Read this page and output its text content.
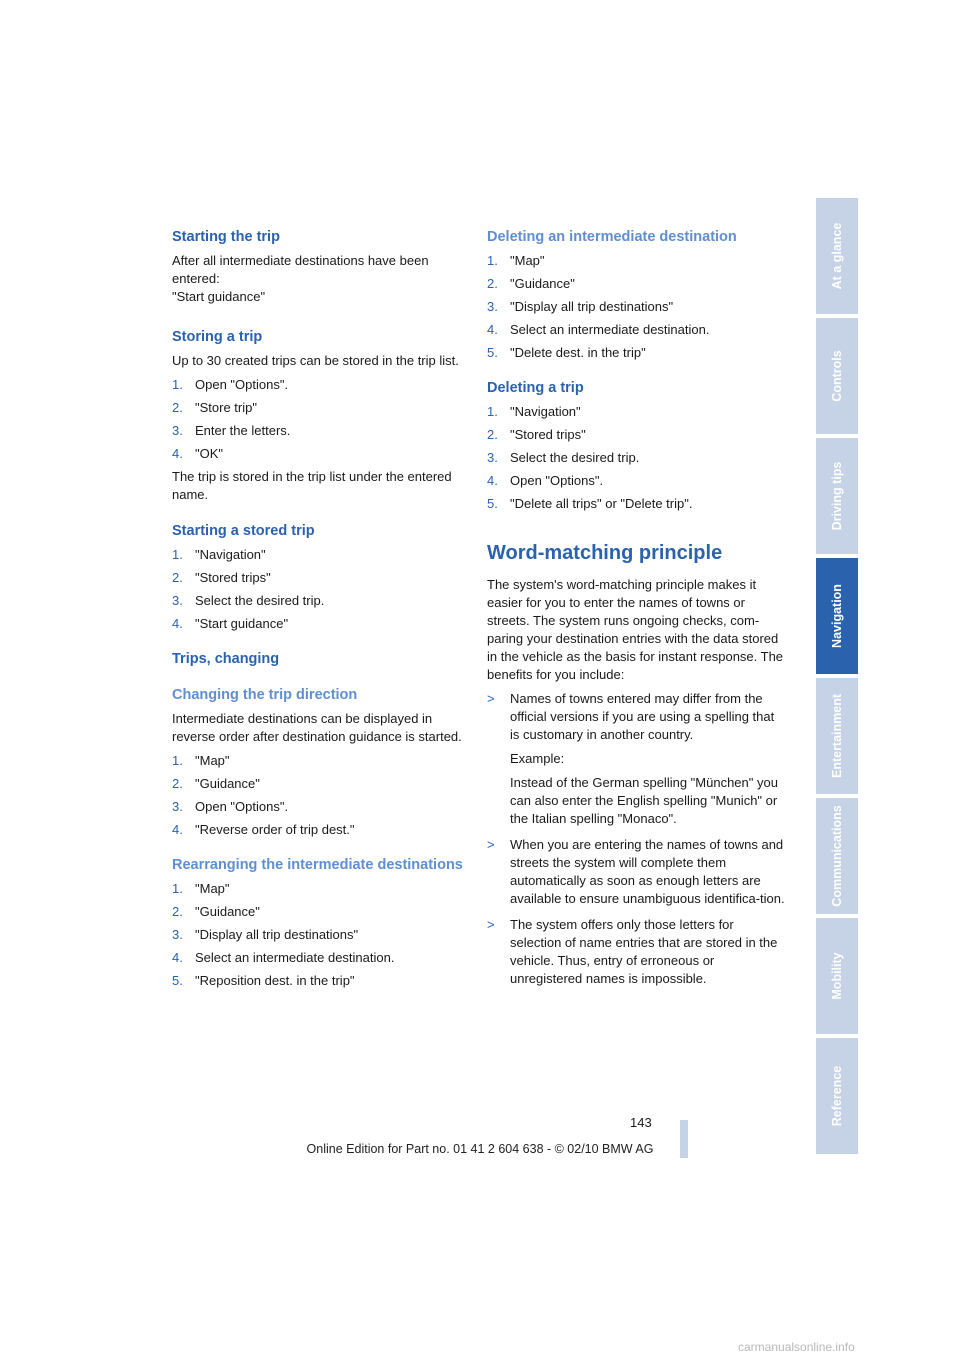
Starting the trip

After all intermediate destinations have been entered:

"Start guidance"

Storing a trip

Up to 30 created trips can be stored in the trip list.

1. Open "Options".
2. "Store trip"
3. Enter the letters.
4. "OK"

The trip is stored in the trip list under the entered name.

Starting a stored trip
1. "Navigation"
2. "Stored trips"
3. Select the desired trip.
4. "Start guidance"
Trips, changing
Changing the trip direction

Intermediate destinations can be displayed in reverse order after destination guidance is started.

1. "Map"
2. "Guidance"
3. Open "Options".
4. "Reverse order of trip dest."
Rearranging the intermediate destinations
1. "Map"
2. "Guidance"
3. "Display all trip destinations"
4. Select an intermediate destination.
5. "Reposition dest. in the trip"
Deleting an intermediate destination
1. "Map"
2. "Guidance"
3. "Display all trip destinations"
4. Select an intermediate destination.
5. "Delete dest. in the trip"
Deleting a trip
1. "Navigation"
2. "Stored trips"
3. Select the desired trip.
4. Open "Options".
5. "Delete all trips" or "Delete trip".
Word-matching principle

The system's word-matching principle makes it easier for you to enter the names of towns or streets. The system runs ongoing checks, com-paring your destination entries with the data stored in the vehicle as the basis for instant response. The benefits for you include:

> Names of towns entered may differ from the official versions if you are using a spelling that is customary in another country.

Example:

Instead of the German spelling "München" you can also enter the English spelling "Munich" or the Italian spelling "Monaco".

> When you are entering the names of towns and streets the system will complete them automatically as soon as enough letters are available to ensure unambiguous identifica-tion.

> The system offers only those letters for selection of name entries that are stored in the vehicle. Thus, entry of erroneous or unregistered names is impossible.

At a glance
Controls
Driving tips
Navigation
Entertainment
Communications
Mobility
Reference
143
Online Edition for Part no. 01 41 2 604 638 - © 02/10 BMW AG
carmanualsonline.info
